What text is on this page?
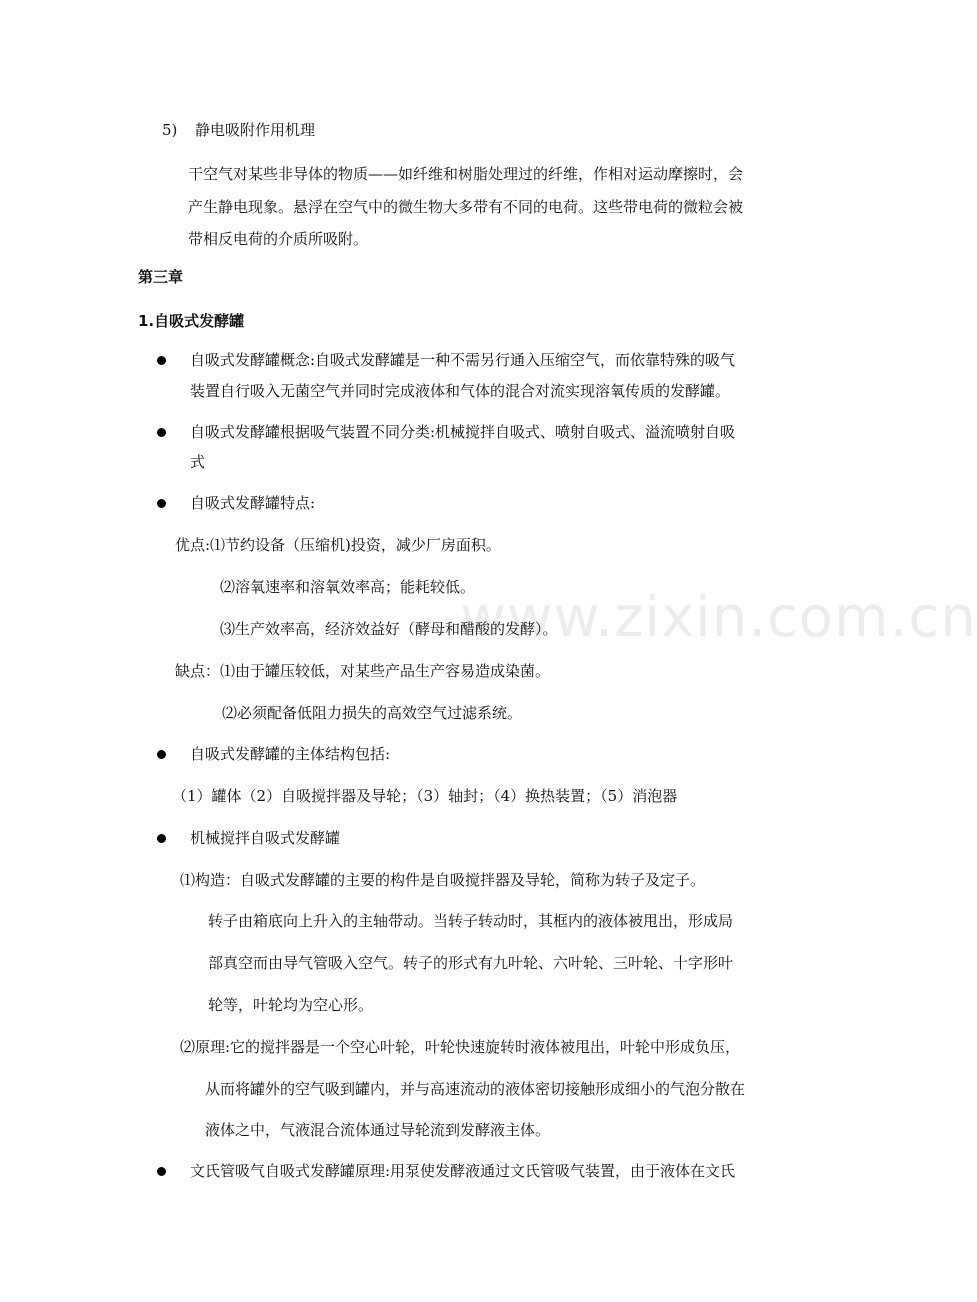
www.zixin.com.cn
5) 静电吸附作用机理
干空气对某些非导体的物质——如纤维和树脂处理过的纤维，作相对运动摩擦时，会
产生静电现象。悬浮在空气中的微生物大多带有不同的电荷。这些带电荷的微粒会被
带相反电荷的介质所吸附。
第三章
1.自吸式发酵罐
自吸式发酵罐概念:自吸式发酵罐是一种不需另行通入压缩空气，而依靠特殊的吸气
装置自行吸入无菌空气并同时完成液体和气体的混合对流实现溶氧传质的发酵罐。
自吸式发酵罐根据吸气装置不同分类:机械搅拌自吸式、喷射自吸式、溢流喷射自吸
式
自吸式发酵罐特点:
优点:⑴节约设备（压缩机)投资，减少厂房面积。
⑵溶氧速率和溶氧效率高；能耗较低。
⑶生产效率高，经济效益好（酵母和醋酸的发酵）。
缺点：⑴由于罐压较低，对某些产品生产容易造成染菌。
⑵必须配备低阻力损失的高效空气过滤系统。
自吸式发酵罐的主体结构包括:
（1）罐体（2）自吸搅拌器及导轮；（3）轴封；（4）换热装置；（5）消泡器
机械搅拌自吸式发酵罐
⑴构造：自吸式发酵罐的主要的构件是自吸搅拌器及导轮，简称为转子及定子。
转子由箱底向上升入的主轴带动。当转子转动时，其框内的液体被甩出，形成局
部真空而由导气管吸入空气。转子的形式有九叶轮、六叶轮、三叶轮、十字形叶
轮等，叶轮均为空心形。
⑵原理:它的搅拌器是一个空心叶轮，叶轮快速旋转时液体被甩出，叶轮中形成负压，
从而将罐外的空气吸到罐内，并与高速流动的液体密切接触形成细小的气泡分散在
液体之中，气液混合流体通过导轮流到发酵液主体。
文氏管吸气自吸式发酵罐原理:用泵使发酵液通过文氏管吸气装置，由于液体在文氏
